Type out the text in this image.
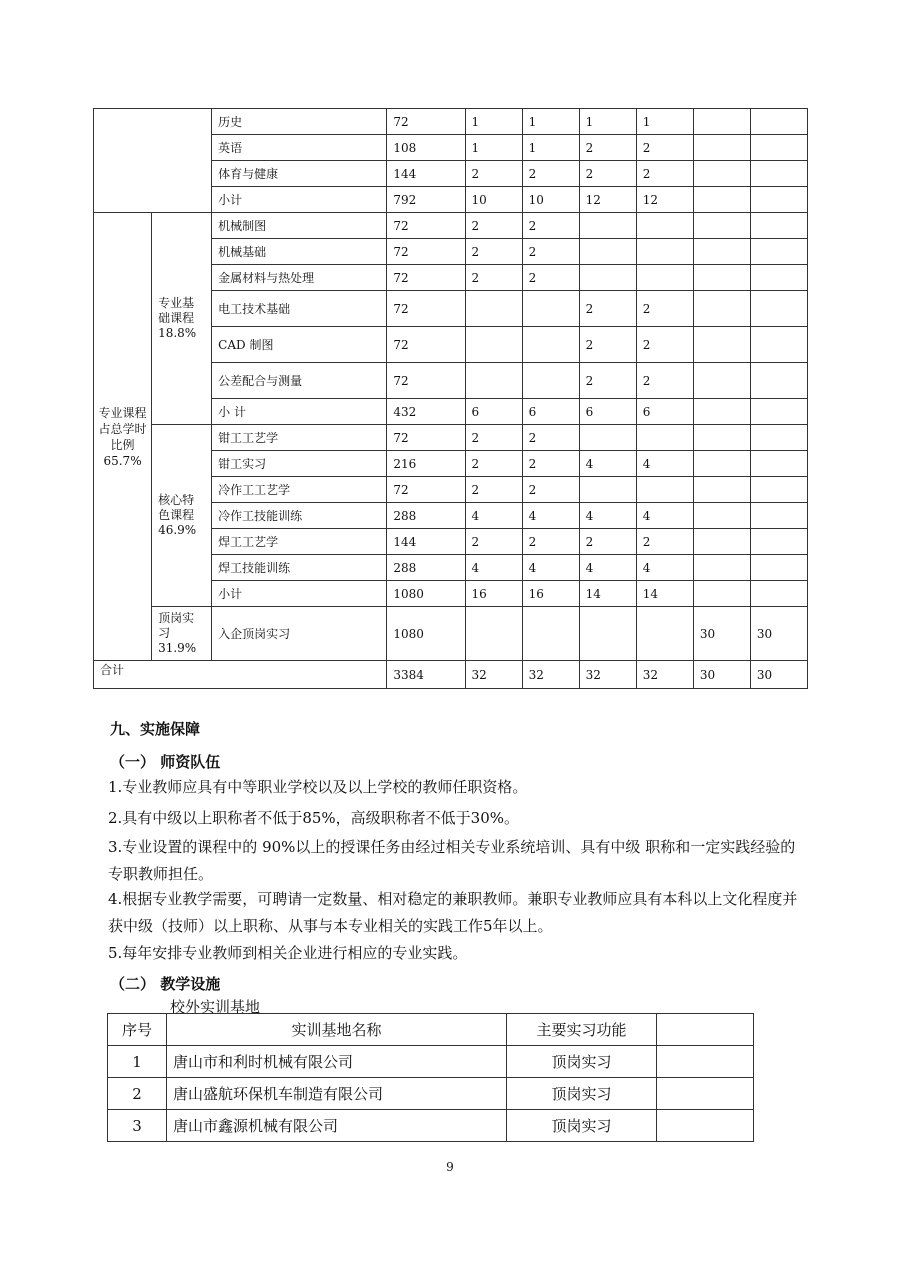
		历史	72	1	1	1	1		
		英语	108	1	1	2	2		
		体育与健康	144	2	2	2	2		
		小计	792	10	10	12	12		
专业课程占总学时比例65.7%	专业基础课程18.8%	机械制图	72	2	2				
		机械基础	72	2	2				
		金属材料与热处理	72	2	2				
		电工技术基础	72			2	2		
		CAD 制图	72			2	2		
		公差配合与测量	72			2	2		
		小 计	432	6	6	6	6		
	核心特色课程46.9%	钳工工艺学	72	2	2				
		钳工实习	216	2	2	4	4		
		冷作工工艺学	72	2	2				
		冷作工技能训练	288	4	4	4	4		
		焊工工艺学	144	2	2	2	2		
		焊工技能训练	288	4	4	4	4		
		小计	1080	16	16	14	14		
	顶岗实习31.9%	入企顶岗实习	1080					30	30
合计			3384	32	32	32	32	30	30
九、实施保障
（一） 师资队伍
1.专业教师应具有中等职业学校以及以上学校的教师任职资格。
2.具有中级以上职称者不低于85%，高级职称者不低于30%。
3.专业设置的课程中的 90%以上的授课任务由经过相关专业系统培训、具有中级 职称和一定实践经验的专职教师担任。
4.根据专业教学需要，可聘请一定数量、相对稳定的兼职教师。兼职专业教师应具有本科以上文化程度并获中级（技师）以上职称、从事与本专业相关的实践工作5年以上。
5.每年安排专业教师到相关企业进行相应的专业实践。
（二） 教学设施
校外实训基地
序号	实训基地名称	主要实习功能	
1	唐山市和利时机械有限公司	顶岗实习	
2	唐山盛航环保机车制造有限公司	顶岗实习	
3	唐山市鑫源机械有限公司	顶岗实习	
9
